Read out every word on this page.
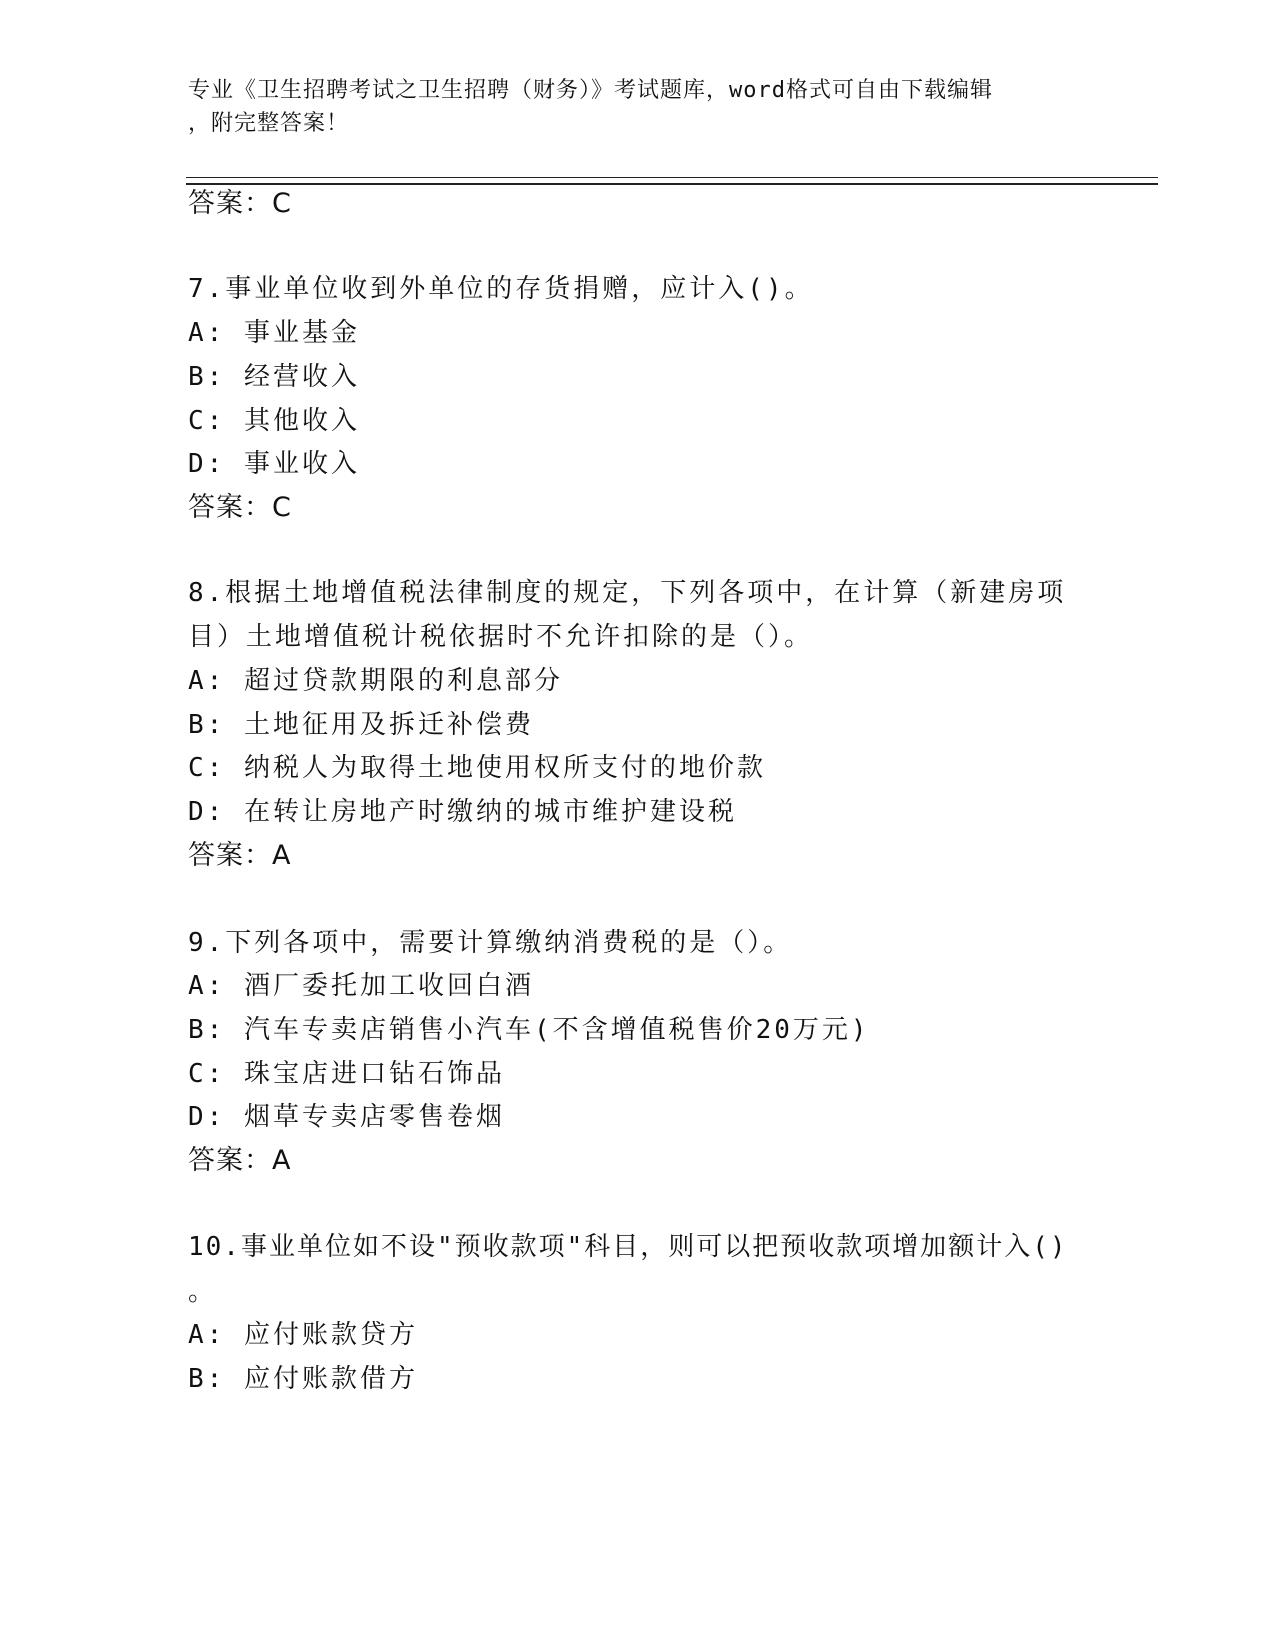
专业《卫生招聘考试之卫生招聘（财务）》考试题库，word格式可自由下载编辑
，附完整答案！
答案：C
7.事业单位收到外单位的存货捐赠，应计入()。
A: 事业基金
B: 经营收入
C: 其他收入
D: 事业收入
答案：C
8.根据土地增值税法律制度的规定，下列各项中，在计算（新建房项
目）土地增值税计税依据时不允许扣除的是（）。
A: 超过贷款期限的利息部分
B: 土地征用及拆迁补偿费
C: 纳税人为取得土地使用权所支付的地价款
D: 在转让房地产时缴纳的城市维护建设税
答案：A
9.下列各项中，需要计算缴纳消费税的是（）。
A: 酒厂委托加工收回白酒
B: 汽车专卖店销售小汽车(不含增值税售价20万元)
C: 珠宝店进口钻石饰品
D: 烟草专卖店零售卷烟
答案：A
10.事业单位如不设"预收款项"科目，则可以把预收款项增加额计入()
。
A: 应付账款贷方
B: 应付账款借方
